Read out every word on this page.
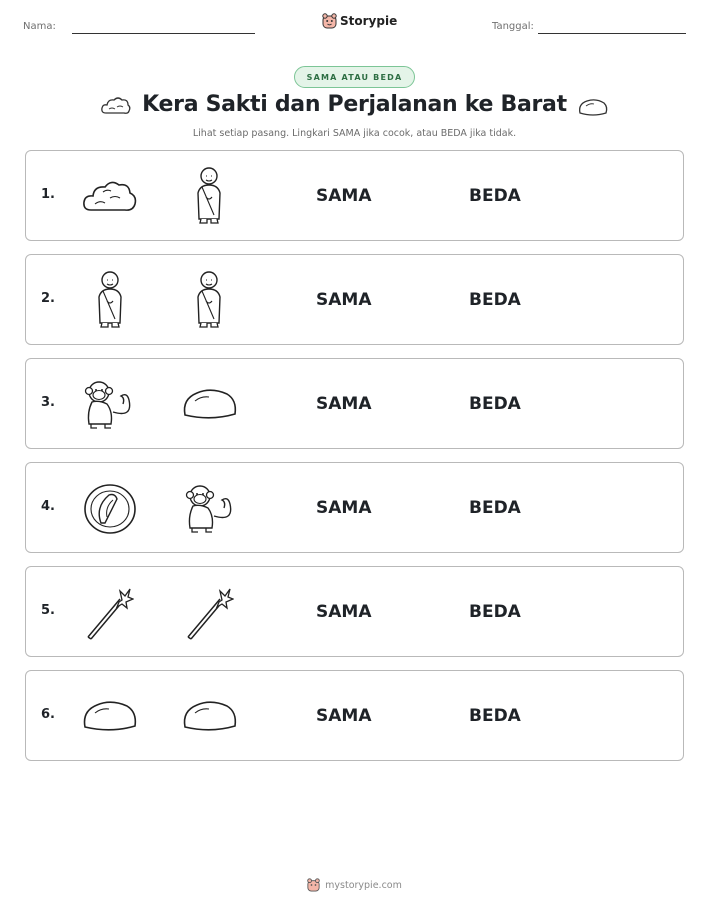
Nama:	Storypie	Tanggal:
SAMA ATAU BEDA
Kera Sakti dan Perjalanan ke Barat
Lihat setiap pasang. Lingkari SAMA jika cocok, atau BEDA jika tidak.
1.	SAMA	BEDA
2.	SAMA	BEDA
3.	SAMA	BEDA
4.	SAMA	BEDA
5.	SAMA	BEDA
6.	SAMA	BEDA
mystorypie.com
